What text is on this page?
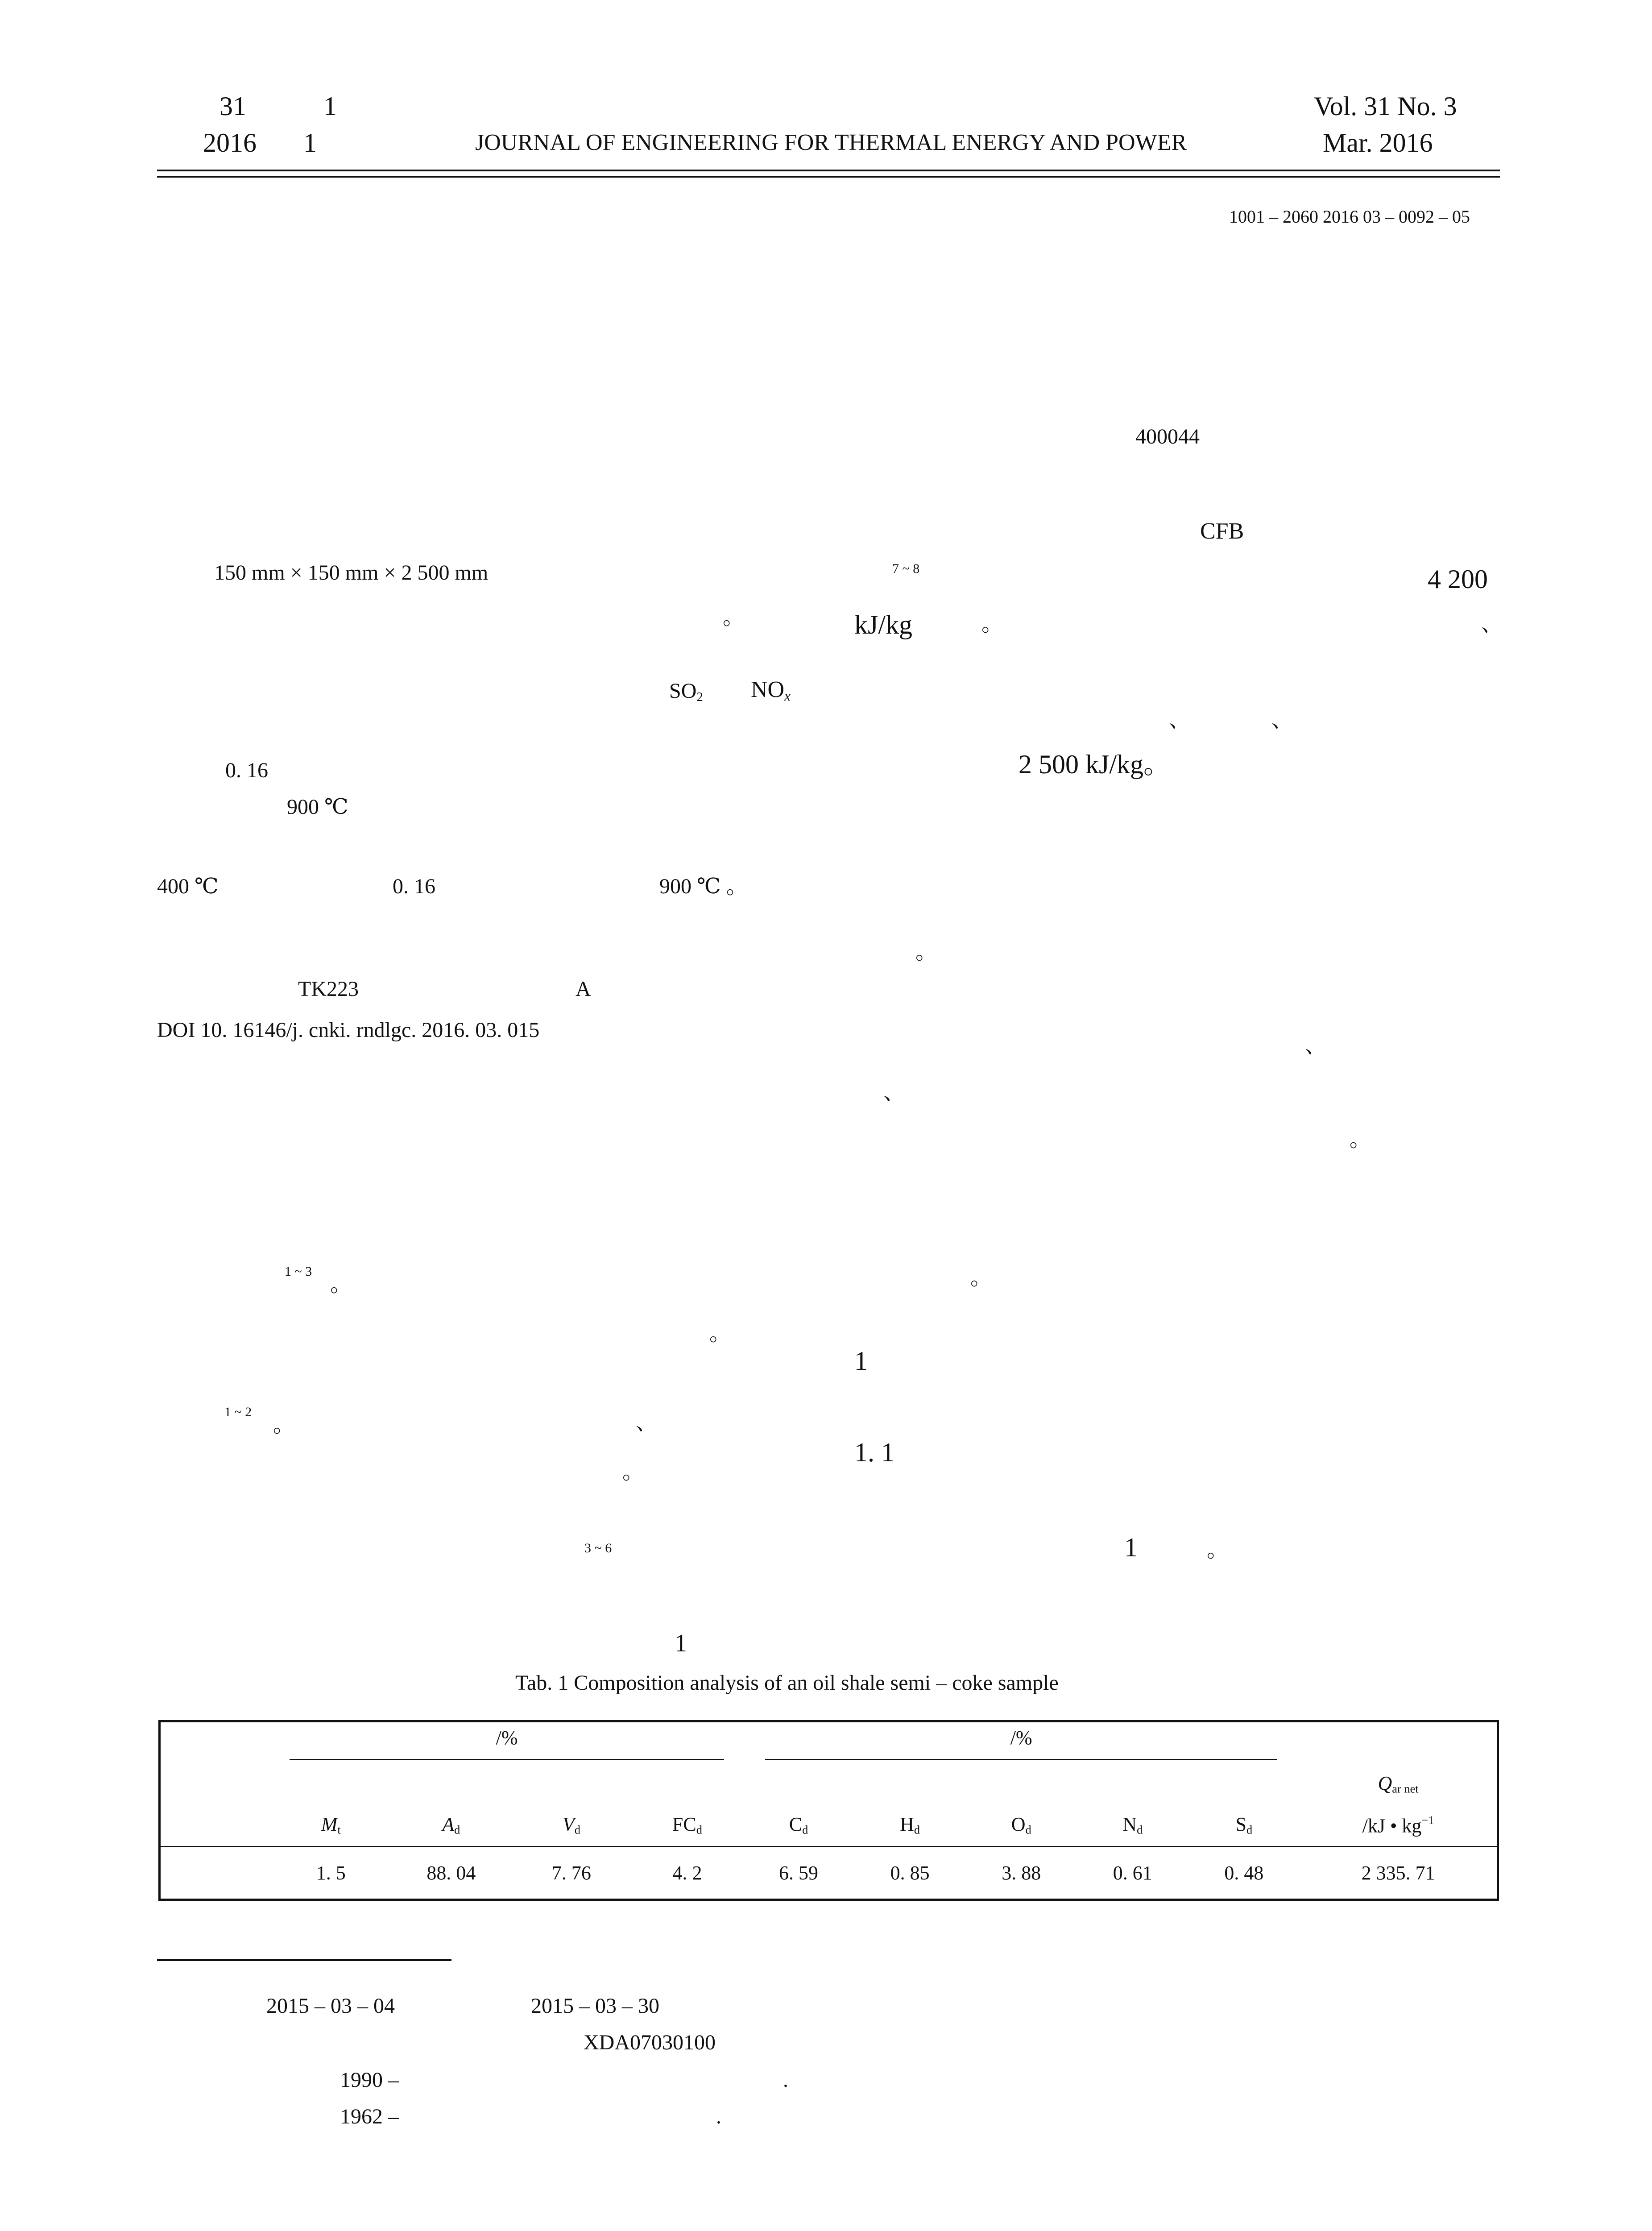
31	1
2016 1	JOURNAL OF ENGINEERING FOR THERMAL ENERGY AND POWER
Vol. 31 No. 3
Mar. 2016
1001 – 2060 2016 03 – 0092 – 05
400044
150 mm × 150 mm × 2 500 mm
0. 16
900 ℃
400 ℃	0. 16	900 ℃ 。
。
TK223	A
DOI 10. 16146/j. cnki. rndlgc. 2016. 03. 015
1 ~ 3
。
。
1 ~ 2
。	、
。
3 ~ 6
CFB
7 ~ 8	4 200
kJ/kg	。	、
$SO_2$ $NO_x$
、	、
2 500 kJ/kg。
。
、
、
。
。
1
1. 1
1	。
1
Tab. 1 Composition analysis of an oil shale semi – coke sample
	/%				/%					
										$Q_{ar net}$
	$M_t$	$A_d$	$V_d$	$FC_d$	$C_d$	$H_d$	$O_d$	$N_d$	$S_d$	/kJ • $kg^{-1}$
	1. 5	88. 04	7. 76	4. 2	6. 59	0. 85	3. 88	0. 61	0. 48	2 335. 71
2015 – 03 – 04	2015 – 03 – 30
XDA07030100
1990 –	.
1962 –	.
